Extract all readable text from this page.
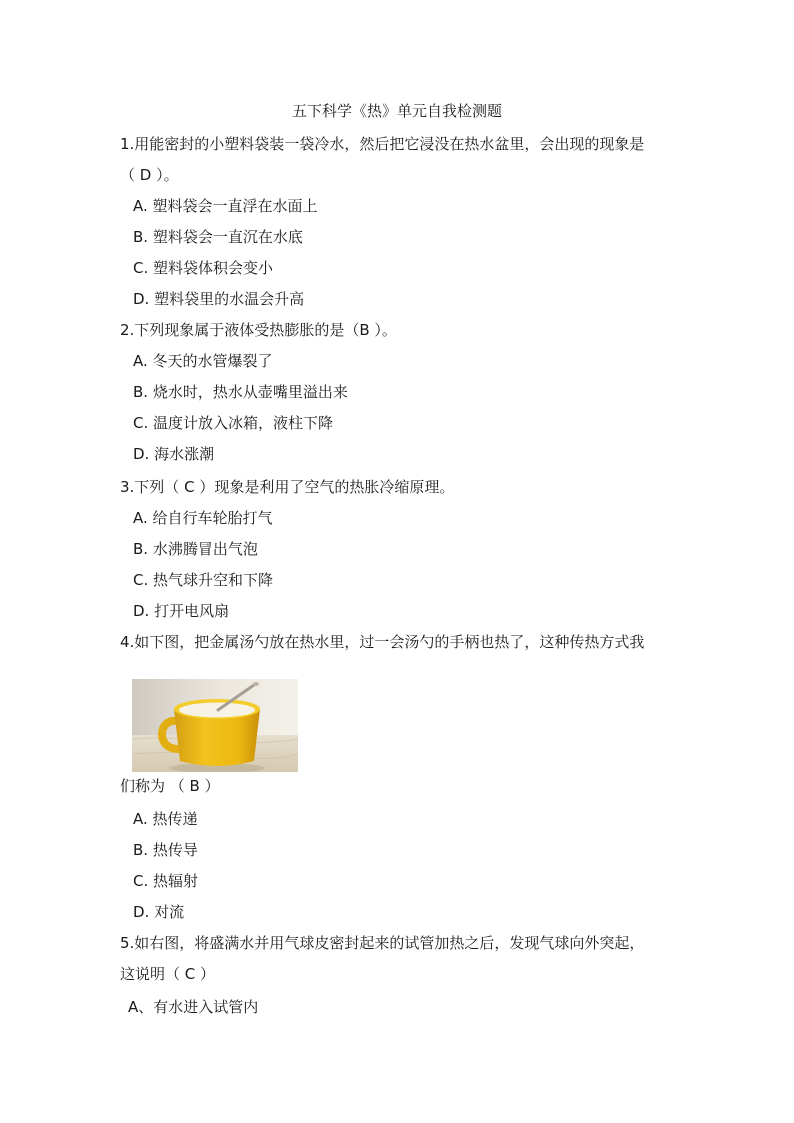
五下科学《热》单元自我检测题
1.用能密封的小塑料袋装一袋冷水，然后把它浸没在热水盆里，会出现的现象是
（ D ）。
A. 塑料袋会一直浮在水面上
B. 塑料袋会一直沉在水底
C. 塑料袋体积会变小
D. 塑料袋里的水温会升高
2.下列现象属于液体受热膨胀的是（B ）。
A. 冬天的水管爆裂了
B. 烧水时，热水从壶嘴里溢出来
C. 温度计放入冰箱，液柱下降
D. 海水涨潮
3.下列（ C ）现象是利用了空气的热胀冷缩原理。
A. 给自行车轮胎打气
B. 水沸腾冒出气泡
C. 热气球升空和下降
D. 打开电风扇
4.如下图，把金属汤勺放在热水里，过一会汤勺的手柄也热了，这种传热方式我
们称为 （ B ）
A. 热传递
B. 热传导
C. 热辐射
D. 对流
5.如右图，将盛满水并用气球皮密封起来的试管加热之后，发现气球向外突起，
这说明（ C ）
A、有水进入试管内
